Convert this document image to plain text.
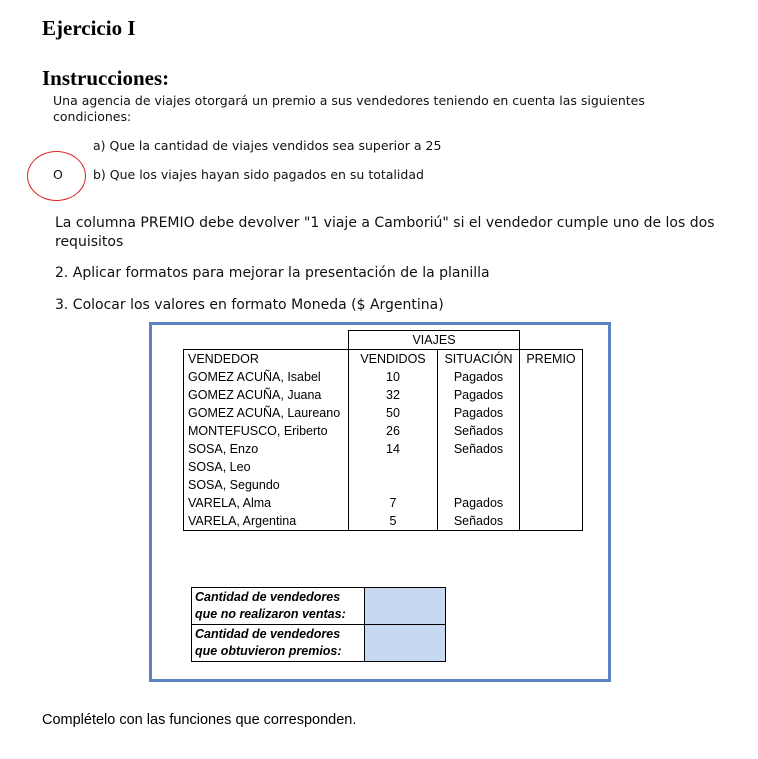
Ejercicio I
Instrucciones:
Una agencia de viajes otorgará un premio a sus vendedores teniendo en cuenta las siguientes
condiciones:
a) Que la cantidad de viajes vendidos sea superior a 25
O b) Que los viajes hayan sido pagados en su totalidad
La columna PREMIO debe devolver "1 viaje a Camboriú" si el vendedor cumple uno de los dos
requisitos
2. Aplicar formatos para mejorar la presentación de la planilla
3. Colocar los valores en formato Moneda ($ Argentina)
	VIAJES		
VENDEDOR	VENDIDOS	SITUACIÓN	PREMIO
GOMEZ ACUÑA, Isabel	10	Pagados	
GOMEZ ACUÑA, Juana	32	Pagados	
GOMEZ ACUÑA, Laureano	50	Pagados	
MONTEFUSCO, Eriberto	26	Señados	
SOSA, Enzo	14	Señados	
SOSA, Leo			
SOSA, Segundo			
VARELA, Alma	7	Pagados	
VARELA, Argentina	5	Señados	
Cantidad de vendedores que no realizaron ventas:	
Cantidad de vendedores que obtuvieron premios:	
Complételo con las funciones que corresponden.
